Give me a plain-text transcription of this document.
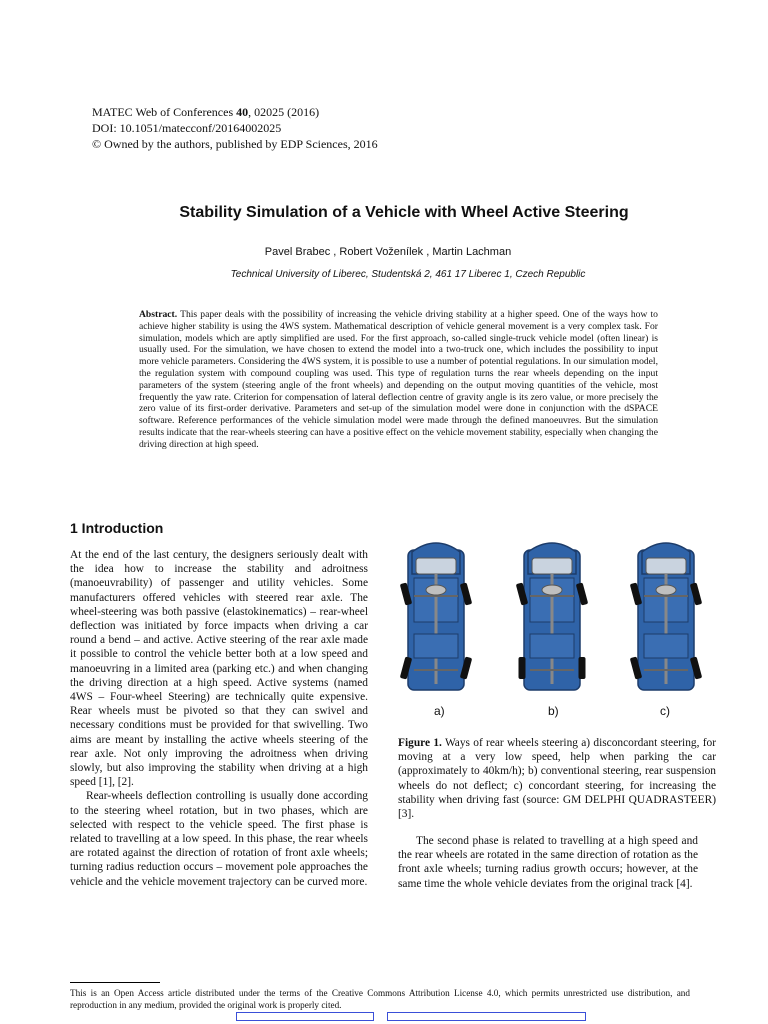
MATEC Web of Conferences 40, 02025 (2016)
DOI: 10.1051/matecconf/20164002025
© Owned by the authors, published by EDP Sciences, 2016
Stability Simulation of a Vehicle with Wheel Active Steering
Pavel Brabec , Robert Voženílek , Martin Lachman
Technical University of Liberec, Studentská 2, 461 17 Liberec 1, Czech Republic
Abstract. This paper deals with the possibility of increasing the vehicle driving stability at a higher speed. One of the ways how to achieve higher stability is using the 4WS system. Mathematical description of vehicle general movement is a very complex task. For simulation, models which are aptly simplified are used. For the first approach, so-called single-truck vehicle model (often linear) is usually used. For the simulation, we have chosen to extend the model into a two-truck one, which includes the possibility to input more vehicle parameters. Considering the 4WS system, it is possible to use a number of potential regulations. In our simulation model, the regulation system with compound coupling was used. This type of regulation turns the rear wheels depending on the input parameters of the system (steering angle of the front wheels) and depending on the output moving quantities of the vehicle, most frequently the yaw rate. Criterion for compensation of lateral deflection centre of gravity angle is its zero value, or more precisely the zero value of its first-order derivative. Parameters and set-up of the simulation model were done in conjunction with the dSPACE software. Reference performances of the vehicle simulation model were made through the defined manoeuvres. But the simulation results indicate that the rear-wheels steering can have a positive effect on the vehicle movement stability, especially when changing the driving direction at high speed.
1 Introduction

At the end of the last century, the designers seriously dealt with the idea how to increase the stability and adroitness (manoeuvrability) of passenger and utility vehicles. Some manufacturers offered vehicles with steered rear axle. The wheel-steering was both passive (elastokinematics) – rear-wheel deflection was initiated by force impacts when driving a car round a bend – and active. Active steering of the rear axle made it possible to control the vehicle better both at a low speed and manoeuvring in a limited area (parking etc.) and when changing the driving direction at a high speed. Active systems (named 4WS – Four-wheel Steering) are technically quite expensive. Rear wheels must be pivoted so that they can swivel and necessary conditions must be provided for that swivelling. Two aims are meant by installing the active wheels steering of the rear axle. Not only improving the adroitness when driving slowly, but also improving the stability when driving at a high speed [1], [2].

Rear-wheels deflection controlling is usually done according to the steering wheel rotation, but in two phases, which are selected with respect to the vehicle speed. The first phase is related to travelling at a low speed. In this phase, the rear wheels are rotated against the direction of rotation of front axle wheels; turning radius reduction occurs – movement pole approaches the vehicle and the vehicle movement trajectory can be curved more.

a)	b)	c)
Figure 1. Ways of rear wheels steering a) disconcordant steering, for moving at a very low speed, help when parking the car (approximately to 40km/h); b) conventional steering, rear suspension wheels do not deflect; c) concordant steering, for increasing the stability when driving fast (source: GM DELPHI QUADRASTEER) [3].

The second phase is related to travelling at a high speed and the rear wheels are rotated in the same direction of rotation as the front axle wheels; turning radius growth occurs; however, at the same time the whole vehicle deviates from the original track [4].

This is an Open Access article distributed under the terms of the Creative Commons Attribution License 4.0, which permits unrestricted use distribution, and reproduction in any medium, provided the original work is properly cited.
